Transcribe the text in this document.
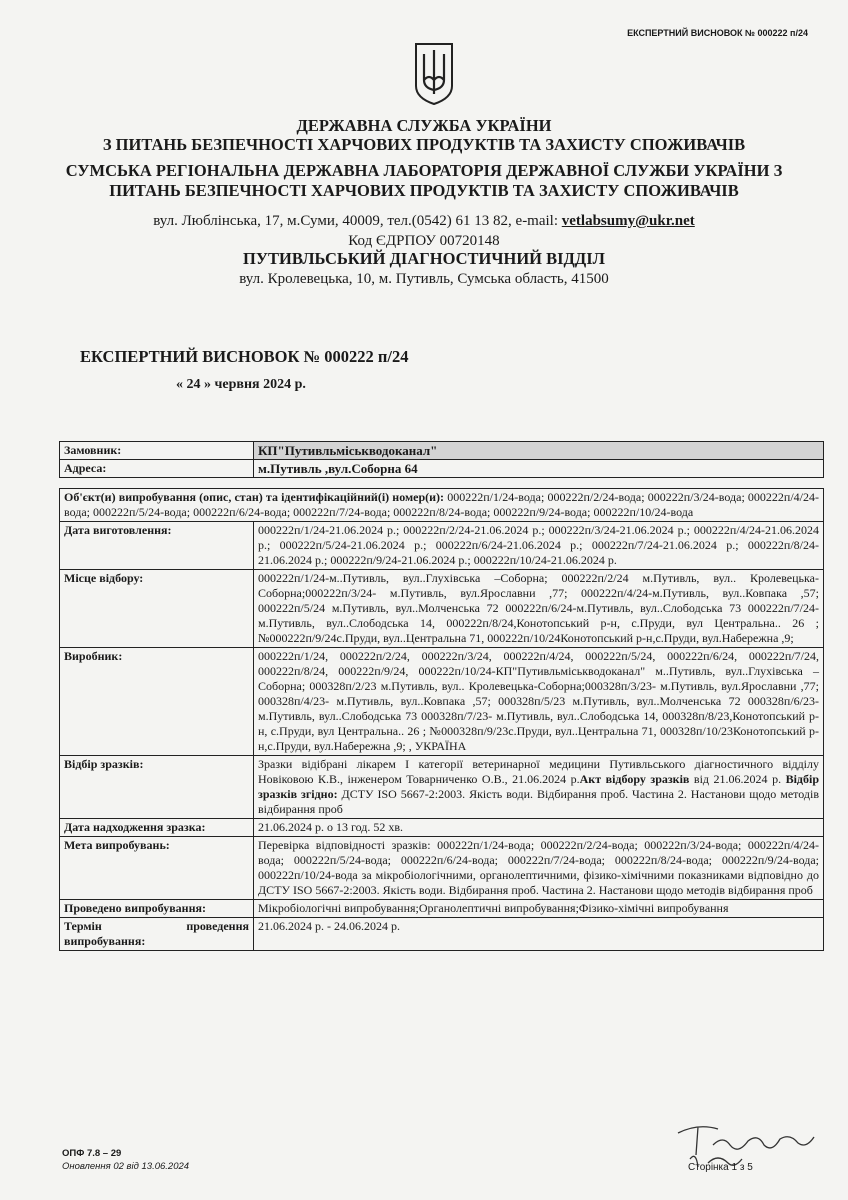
ЕКСПЕРТНИЙ ВИСНОВОК № 000222 п/24
ДЕРЖАВНА СЛУЖБА УКРАЇНИ
З ПИТАНЬ БЕЗПЕЧНОСТІ ХАРЧОВИХ ПРОДУКТІВ ТА ЗАХИСТУ СПОЖИВАЧІВ
СУМСЬКА РЕГІОНАЛЬНА ДЕРЖАВНА ЛАБОРАТОРІЯ ДЕРЖАВНОЇ СЛУЖБИ УКРАЇНИ З
ПИТАНЬ БЕЗПЕЧНОСТІ ХАРЧОВИХ ПРОДУКТІВ ТА ЗАХИСТУ СПОЖИВАЧІВ
вул. Люблінська, 17, м.Суми, 40009, тел.(0542) 61 13 82, e-mail: vetlabsumy@ukr.net
Код ЄДРПОУ 00720148
ПУТИВЛЬСЬКИЙ ДІАГНОСТИЧНИЙ ВІДДІЛ
вул. Кролевецька, 10, м. Путивль, Сумська область, 41500
ЕКСПЕРТНИЙ ВИСНОВОК № 000222 п/24
« 24 » червня 2024 р.
Замовник:	КП"Путивльміськводоканал"
Адреса:	м.Путивль ,вул.Соборна 64
Об'єкт(и) випробування (опис, стан) та ідентифікаційний(і) номер(и): 000222п/1/24-вода; 000222п/2/24-вода; 000222п/3/24-вода; 000222п/4/24-вода; 000222п/5/24-вода; 000222п/6/24-вода; 000222п/7/24-вода; 000222п/8/24-вода; 000222п/9/24-вода; 000222п/10/24-вода	
Дата виготовлення:	000222п/1/24-21.06.2024 р.; 000222п/2/24-21.06.2024 р.; 000222п/3/24-21.06.2024 р.; 000222п/4/24-21.06.2024 р.; 000222п/5/24-21.06.2024 р.; 000222п/6/24-21.06.2024 р.; 000222п/7/24-21.06.2024 р.; 000222п/8/24-21.06.2024 р.; 000222п/9/24-21.06.2024 р.; 000222п/10/24-21.06.2024 р.
Місце відбору:	000222п/1/24-м..Путивль, вул..Глухівська –Соборна; 000222п/2/24 м.Путивль, вул.. Кролевецька-Соборна;000222п/3/24- м.Путивль, вул.Ярославни ,77; 000222п/4/24-м.Путивль, вул..Ковпака ,57; 000222п/5/24 м.Путивль, вул..Молченська 72 000222п/6/24-м.Путивль, вул..Слободська 73 000222п/7/24- м.Путивль, вул..Слободська 14, 000222п/8/24,Конотопський р-н, с.Пруди, вул Центральна.. 26 ; №000222п/9/24с.Пруди, вул..Центральна 71, 000222п/10/24Конотопський р-н,с.Пруди, вул.Набережна ,9;
Виробник:	000222п/1/24, 000222п/2/24, 000222п/3/24, 000222п/4/24, 000222п/5/24, 000222п/6/24, 000222п/7/24, 000222п/8/24, 000222п/9/24, 000222п/10/24-КП"Путивльміськводоканал" м..Путивль, вул..Глухівська –Соборна; 000328п/2/23 м.Путивль, вул.. Кролевецька-Соборна;000328п/3/23- м.Путивль, вул.Ярославни ,77; 000328п/4/23- м.Путивль, вул..Ковпака ,57; 000328п/5/23 м.Путивль, вул..Молченська 72 000328п/6/23-м.Путивль, вул..Слободська 73 000328п/7/23- м.Путивль, вул..Слободська 14, 000328п/8/23,Конотопський р-н, с.Пруди, вул Центральна.. 26 ; №000328п/9/23с.Пруди, вул..Центральна 71, 000328п/10/23Конотопський р-н,с.Пруди, вул.Набережна ,9; , УКРАЇНА
Відбір зразків:	Зразки відібрані лікарем І категорії ветеринарної медицини Путивльського діагностичного відділу Новіковою К.В., інженером Товарниченко О.В., 21.06.2024 р.Акт відбору зразків від 21.06.2024 р. Відбір зразків згідно: ДСТУ ISO 5667-2:2003. Якість води. Відбирання проб. Частина 2. Настанови щодо методів відбирання проб
Дата надходження зразка:	21.06.2024 р. о 13 год. 52 хв.
Мета випробувань:	Перевірка відповідності зразків: 000222п/1/24-вода; 000222п/2/24-вода; 000222п/3/24-вода; 000222п/4/24-вода; 000222п/5/24-вода; 000222п/6/24-вода; 000222п/7/24-вода; 000222п/8/24-вода; 000222п/9/24-вода; 000222п/10/24-вода за мікробіологічними, органолептичними, фізико-хімічними показниками відповідно до ДСТУ ISO 5667-2:2003. Якість води. Відбирання проб. Частина 2. Настанови щодо методів відбирання проб
Проведено випробування:	Мікробіологічні випробування;Органолептичні випробування;Фізико-хімічні випробування
Термін проведення випробування:	21.06.2024 р. - 24.06.2024 р.
ОПФ 7.8 – 29
Оновлення 02 від 13.06.2024	Сторінка 1 з 5
